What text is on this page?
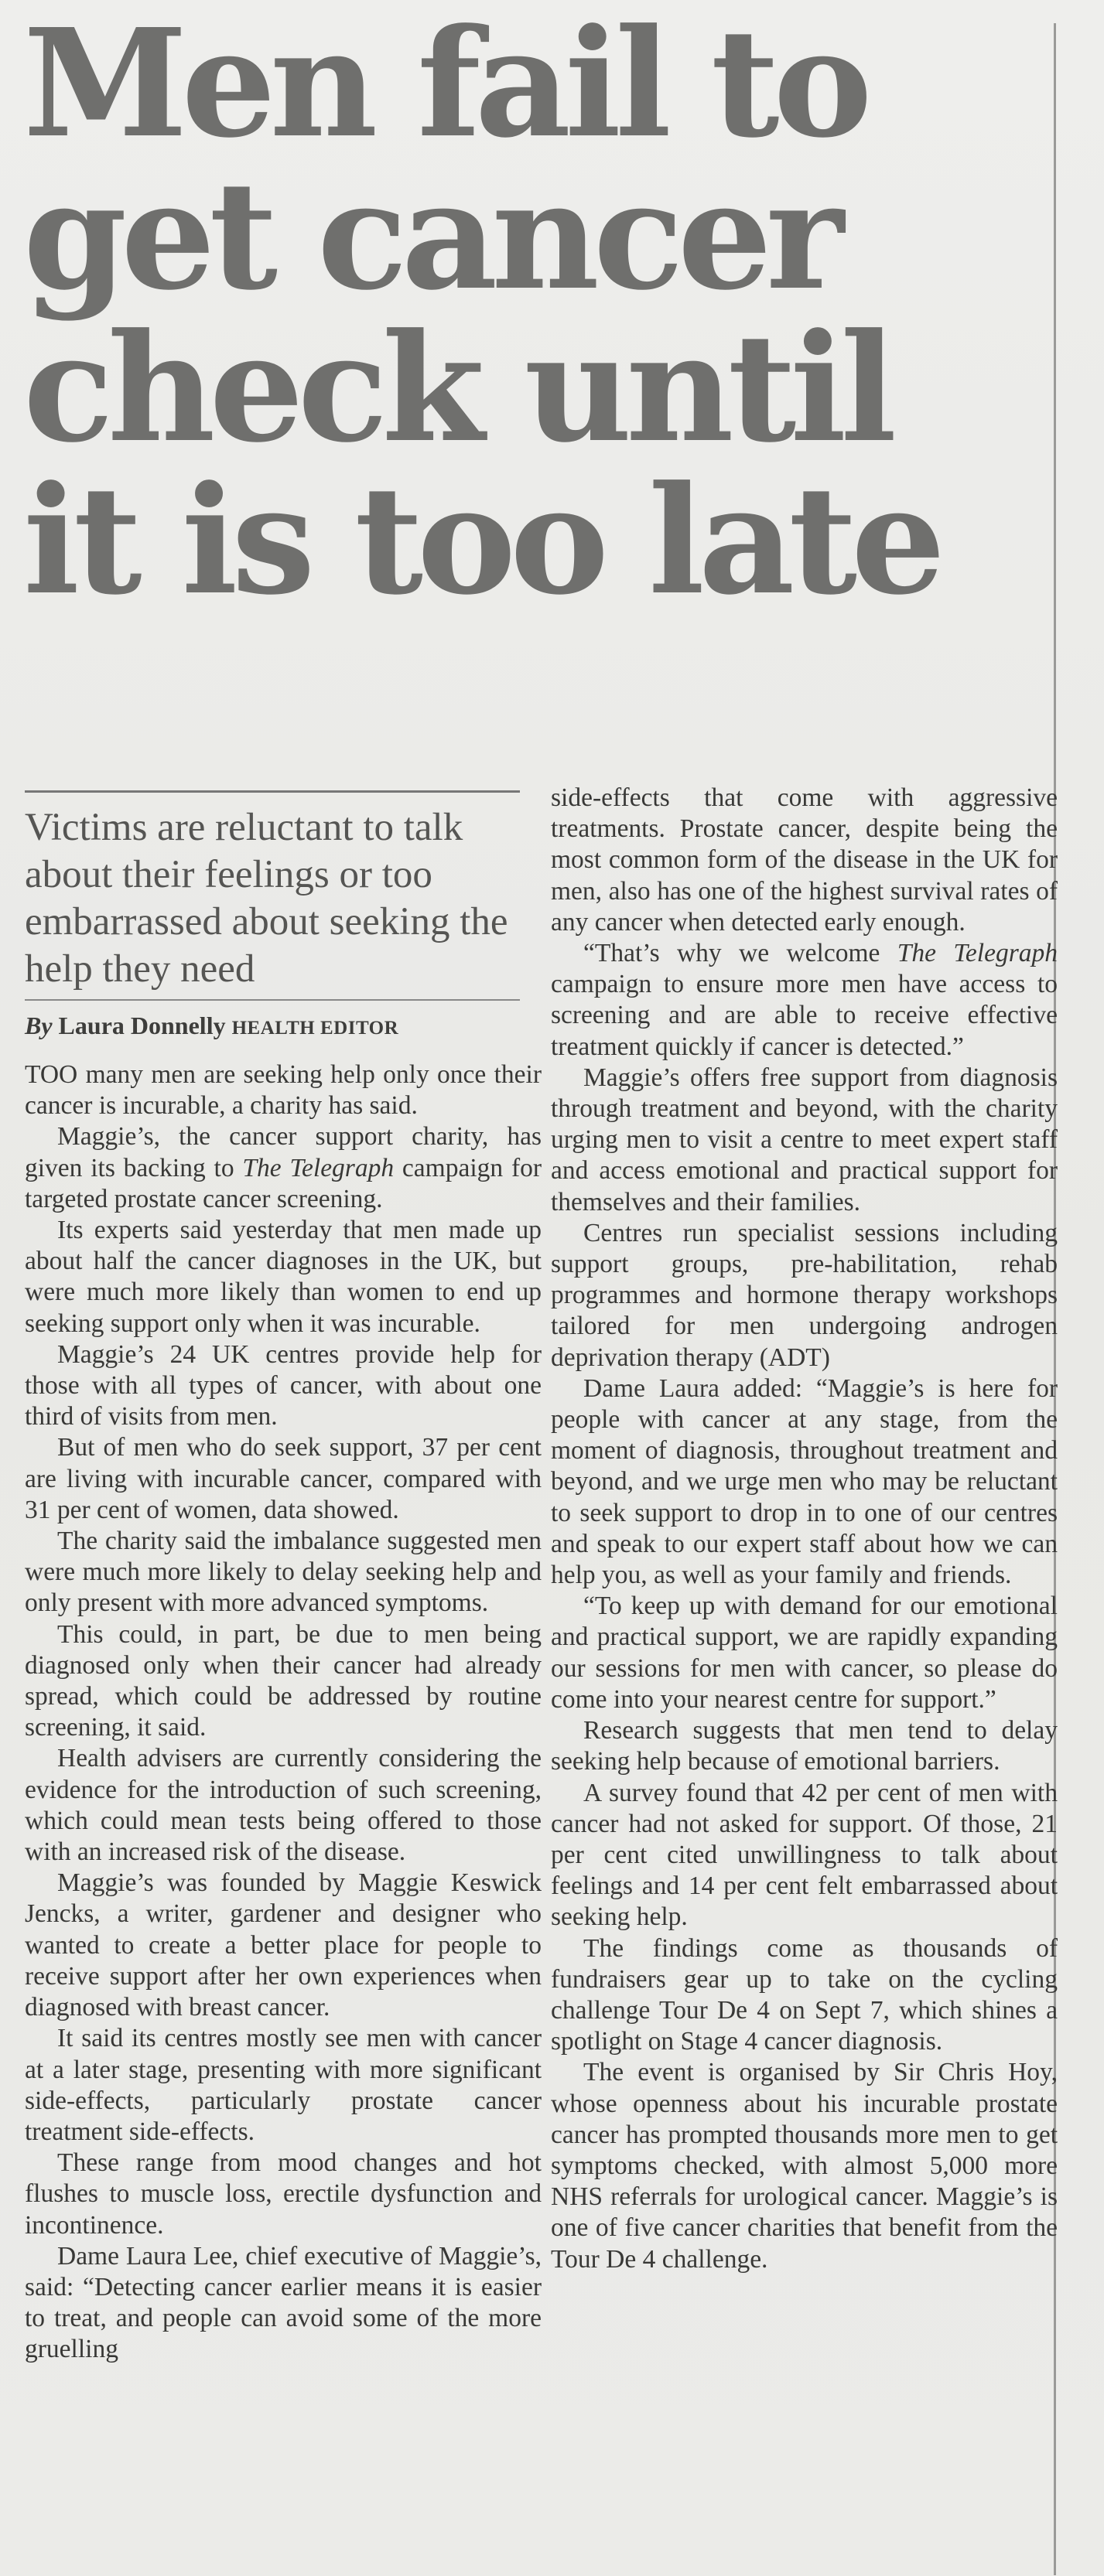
Men fail to get cancer check until it is too late
Victims are reluctant to talk about their feelings or too embarrassed about seeking the help they need
By Laura Donnelly HEALTH EDITOR

TOO many men are seeking help only once their cancer is incurable, a charity has said.

Maggie’s, the cancer support charity, has given its backing to The Telegraph campaign for targeted prostate cancer screening.

Its experts said yesterday that men made up about half the cancer diagnoses in the UK, but were much more likely than women to end up seeking support only when it was incurable.

Maggie’s 24 UK centres provide help for those with all types of cancer, with about one third of visits from men.

But of men who do seek support, 37 per cent are living with incurable cancer, compared with 31 per cent of women, data showed.

The charity said the imbalance suggested men were much more likely to delay seeking help and only present with more advanced symptoms.

This could, in part, be due to men being diagnosed only when their cancer had already spread, which could be addressed by routine screening, it said.

Health advisers are currently considering the evidence for the introduction of such screening, which could mean tests being offered to those with an increased risk of the disease.

Maggie’s was founded by Maggie Keswick Jencks, a writer, gardener and designer who wanted to create a better place for people to receive support after her own experiences when diagnosed with breast cancer.

It said its centres mostly see men with cancer at a later stage, presenting with more significant side-effects, particularly prostate cancer treatment side-effects.

These range from mood changes and hot flushes to muscle loss, erectile dysfunction and incontinence.

Dame Laura Lee, chief executive of Maggie’s, said: “Detecting cancer earlier means it is easier to treat, and people can avoid some of the more gruelling

side-effects that come with aggressive treatments. Prostate cancer, despite being the most common form of the disease in the UK for men, also has one of the highest survival rates of any cancer when detected early enough.

“That’s why we welcome The Telegraph campaign to ensure more men have access to screening and are able to receive effective treatment quickly if cancer is detected.”

Maggie’s offers free support from diagnosis through treatment and beyond, with the charity urging men to visit a centre to meet expert staff and access emotional and practical support for themselves and their families.

Centres run specialist sessions including support groups, pre-habilitation, rehab programmes and hormone therapy workshops tailored for men undergoing androgen deprivation therapy (ADT)

Dame Laura added: “Maggie’s is here for people with cancer at any stage, from the moment of diagnosis, throughout treatment and beyond, and we urge men who may be reluctant to seek support to drop in to one of our centres and speak to our expert staff about how we can help you, as well as your family and friends.

“To keep up with demand for our emotional and practical support, we are rapidly expanding our sessions for men with cancer, so please do come into your nearest centre for support.”

Research suggests that men tend to delay seeking help because of emotional barriers.

A survey found that 42 per cent of men with cancer had not asked for support. Of those, 21 per cent cited unwillingness to talk about feelings and 14 per cent felt embarrassed about seeking help.

The findings come as thousands of fundraisers gear up to take on the cycling challenge Tour De 4 on Sept 7, which shines a spotlight on Stage 4 cancer diagnosis.

The event is organised by Sir Chris Hoy, whose openness about his incurable prostate cancer has prompted thousands more men to get symptoms checked, with almost 5,000 more NHS referrals for urological cancer. Maggie’s is one of five cancer charities that benefit from the Tour De 4 challenge.
